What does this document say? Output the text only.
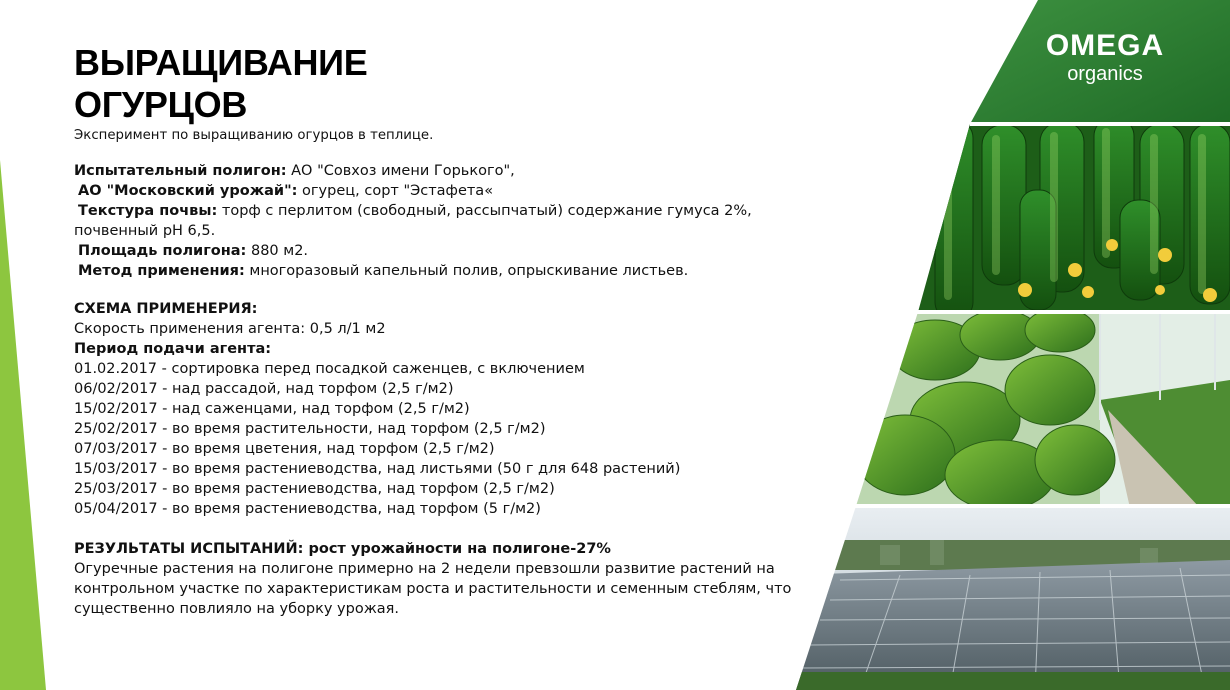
OMEGA
organics
ВЫРАЩИВАНИЕ
ОГУРЦОВ
Эксперимент по выращиванию огурцов в теплице.
Испытательный полигон: АО "Совхоз имени Горького",
АО "Московский урожай": огурец, сорт "Эстафета«
Текстура почвы: торф с перлитом (свободный, рассыпчатый) содержание гумуса 2%,
почвенный pH 6,5.
Площадь полигона: 880 м2.
Метод применения: многоразовый капельный полив, опрыскивание листьев.
СХЕМА ПРИМЕНЕРИЯ:
Скорость применения агента: 0,5 л/1 м2
Период подачи агента:
01.02.2017 - сортировка перед посадкой саженцев, с включением
06/02/2017 - над рассадой, над торфом (2,5 г/м2)
15/02/2017 - над саженцами, над торфом (2,5 г/м2)
25/02/2017 - во время растительности, над торфом (2,5 г/м2)
07/03/2017 - во время цветения, над торфом (2,5 г/м2)
15/03/2017 - во время растениеводства, над листьями (50 г для 648 растений)
25/03/2017 - во время растениеводства, над торфом (2,5 г/м2)
05/04/2017 - во время растениеводства, над торфом (5 г/м2)
РЕЗУЛЬТАТЫ ИСПЫТАНИЙ: рост урожайности на полигоне-27%
Огуречные растения на полигоне примерно на 2 недели превзошли развитие растений на
контрольном участке по характеристикам роста и растительности и семенным стеблям, что
существенно повлияло на уборку урожая.
